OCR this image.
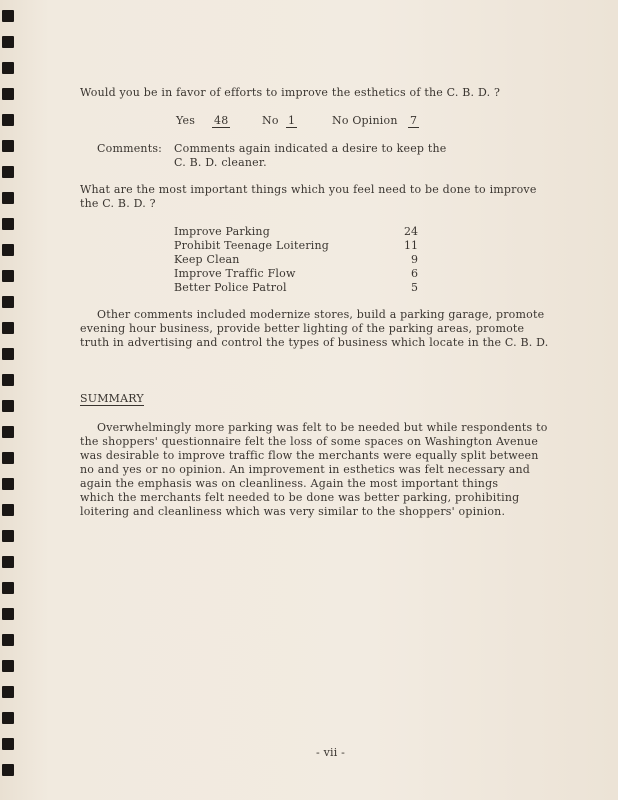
Would you be in favor of efforts to improve the esthetics of the C. B. D. ?
Yes 48	No 1	No Opinion 7
Comments: Comments again indicated a desire to keep the
C. B. D. cleaner.
What are the most important things which you feel need to be done to improve
the C. B. D. ?
Improve Parking	24
Prohibit Teenage Loitering	11
Keep Clean	9
Improve Traffic Flow	6
Better Police Patrol	5
Other comments included modernize stores, build a parking garage, promote
evening hour business, provide better lighting of the parking areas, promote
truth in advertising and control the types of business which locate in the C. B. D.
SUMMARY
Overwhelmingly more parking was felt to be needed but while respondents to
the shoppers' questionnaire felt the loss of some spaces on Washington Avenue
was desirable to improve traffic flow the merchants were equally split between
no and yes or no opinion. An improvement in esthetics was felt necessary and
again the emphasis was on cleanliness. Again the most important things
which the merchants felt needed to be done was better parking, prohibiting
loitering and cleanliness which was very similar to the shoppers' opinion.
- vii -
